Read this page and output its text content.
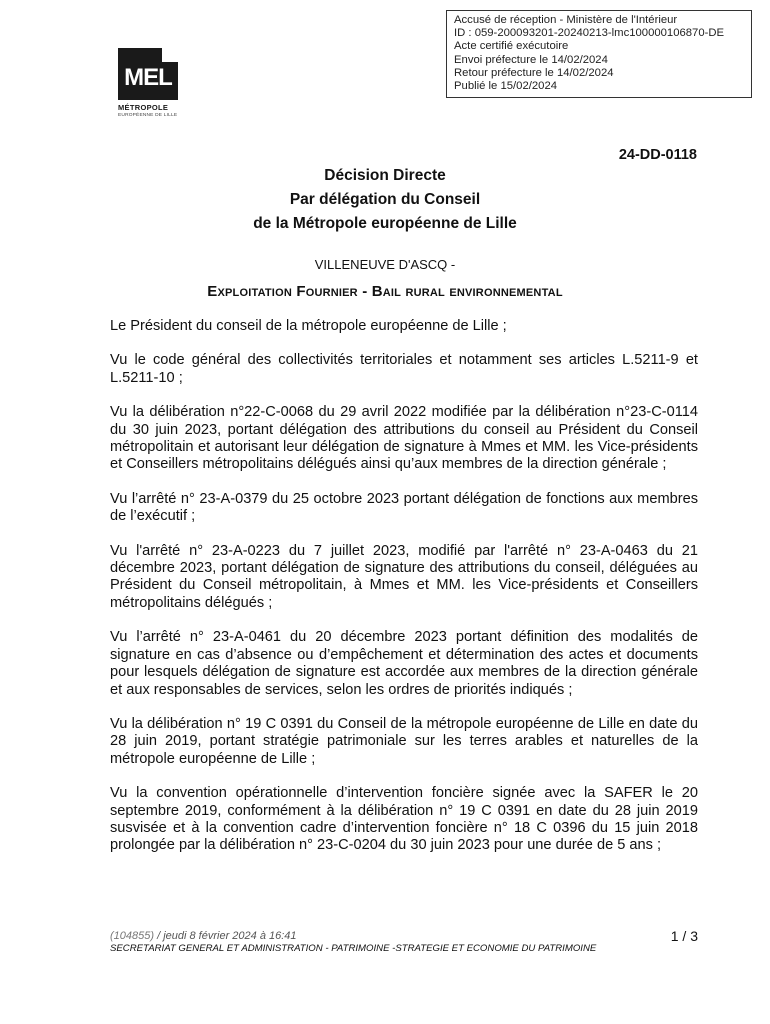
Accusé de réception - Ministère de l'Intérieur
ID : 059-200093201-20240213-lmc100000106870-DE
Acte certifié exécutoire
Envoi préfecture le 14/02/2024
Retour préfecture le 14/02/2024
Publié le 15/02/2024
MEL
MÉTROPOLE
EUROPÉENNE DE LILLE
24-DD-0118
Décision Directe
Par délégation du Conseil
de la Métropole européenne de Lille
VILLENEUVE D'ASCQ -
Exploitation Fournier - Bail rural environnemental

Le Président du conseil de la métropole européenne de Lille ;

Vu le code général des collectivités territoriales et notamment ses articles L.5211-9 et L.5211-10 ;

Vu la délibération n°22-C-0068 du 29 avril 2022 modifiée par la délibération n°23-C-0114 du 30 juin 2023, portant délégation des attributions du conseil au Président du Conseil métropolitain et autorisant leur délégation de signature à Mmes et MM. les Vice-présidents et Conseillers métropolitains délégués ainsi qu’aux membres de la direction générale ;

Vu l’arrêté n° 23-A-0379 du 25 octobre 2023 portant délégation de fonctions aux membres de l’exécutif ;

Vu l'arrêté n° 23-A-0223 du 7 juillet 2023, modifié par l'arrêté n° 23-A-0463 du 21 décembre 2023, portant délégation de signature des attributions du conseil, déléguées au Président du Conseil métropolitain, à Mmes et MM. les Vice-présidents et Conseillers métropolitains délégués ;

Vu l’arrêté n° 23-A-0461 du 20 décembre 2023 portant définition des modalités de signature en cas d’absence ou d’empêchement et détermination des actes et documents pour lesquels délégation de signature est accordée aux membres de la direction générale et aux responsables de services, selon les ordres de priorités indiqués ;

Vu la délibération n° 19 C 0391 du Conseil de la métropole européenne de Lille en date du 28 juin 2019, portant stratégie patrimoniale sur les terres arables et naturelles de la métropole européenne de Lille ;

Vu la convention opérationnelle d’intervention foncière signée avec la SAFER le 20 septembre 2019, conformément à la délibération n° 19 C 0391 en date du 28 juin 2019 susvisée et à la convention cadre d’intervention foncière n° 18 C 0396 du 15 juin 2018 prolongée par la délibération n° 23-C-0204 du 30 juin 2023 pour une durée de 5 ans ;

(104855) / jeudi 8 février 2024 à 16:41	1 / 3
SECRETARIAT GENERAL ET ADMINISTRATION - PATRIMOINE -STRATEGIE ET ECONOMIE DU PATRIMOINE
